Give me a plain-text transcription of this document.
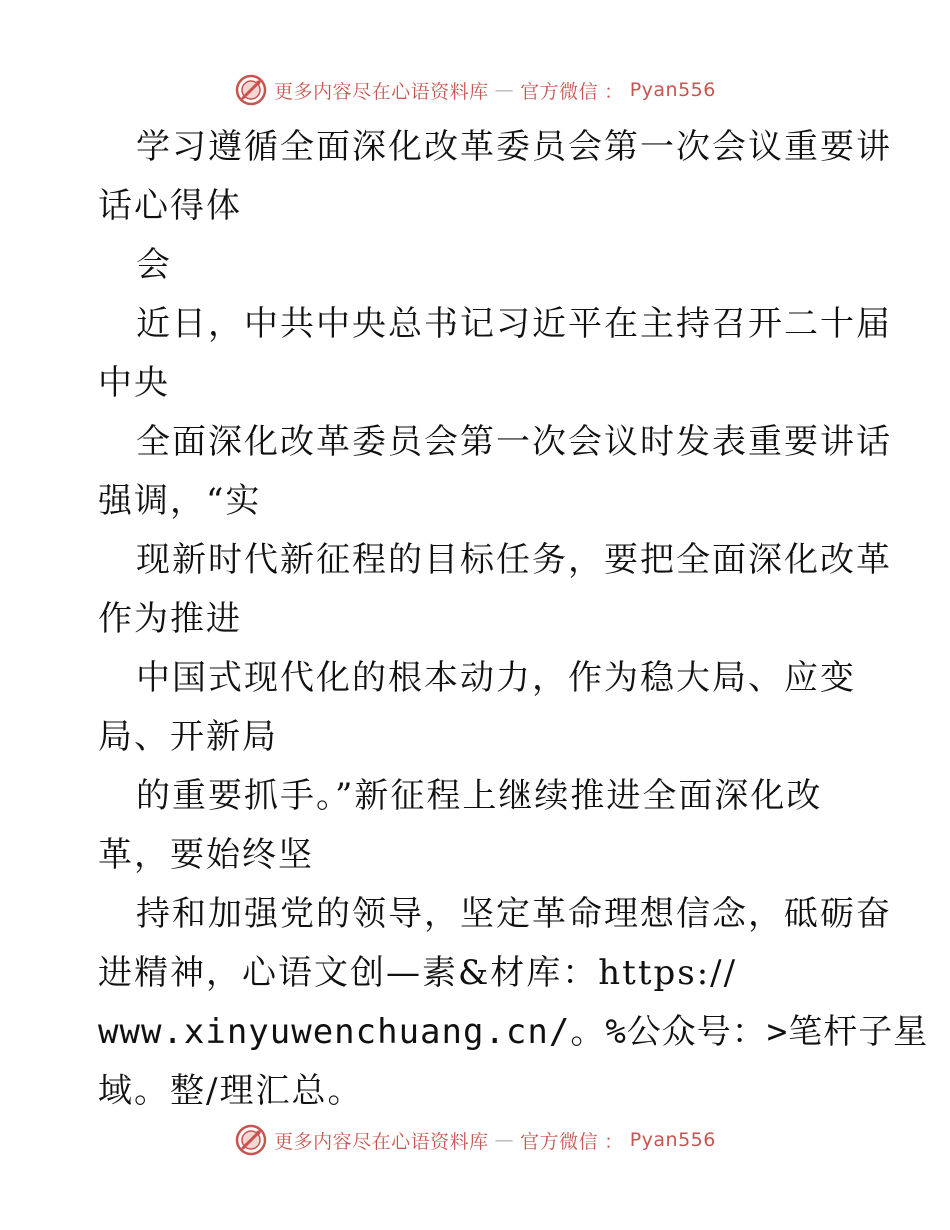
更多内容尽在心语资料库 — 官方微信 ： Pyan556
学习遵循全面深化改革委员会第一次会议重要讲
话心得体
会
近日，中共中央总书记习近平在主持召开二十届
中央
全面深化改革委员会第一次会议时发表重要讲话
强调，“实
现新时代新征程的目标任务，要把全面深化改革
作为推进
中国式现代化的根本动力，作为稳大局、应变
局、开新局
的重要抓手。”新征程上继续推进全面深化改
革，要始终坚
持和加强党的领导，坚定革命理想信念，砥砺奋
进精神，心语文创—素&材库：https://
www.xinyuwenchuang.cn/。%公众号：>笔杆子星
域。整/理汇总。
更多内容尽在心语资料库 — 官方微信 ： Pyan556
